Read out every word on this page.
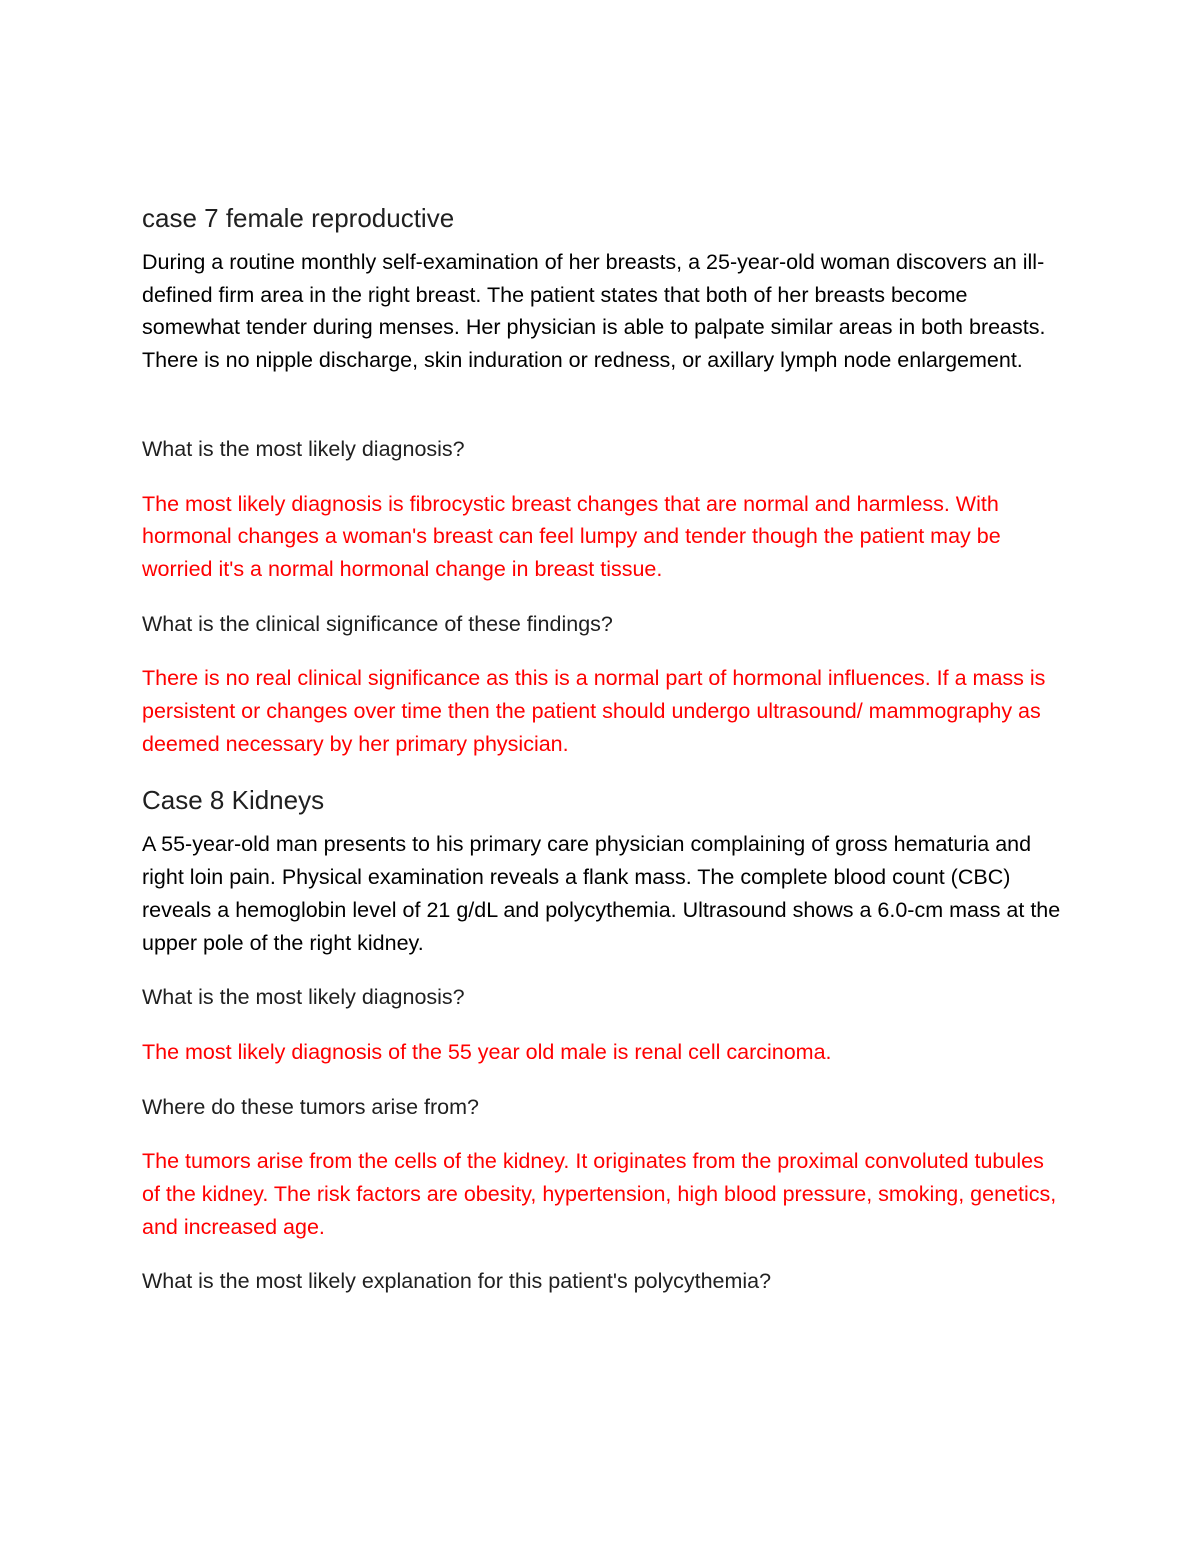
case 7 female reproductive

During a routine monthly self-examination of her breasts, a 25-year-old woman discovers an ill-defined firm area in the right breast. The patient states that both of her breasts become somewhat tender during menses. Her physician is able to palpate similar areas in both breasts. There is no nipple discharge, skin induration or redness, or axillary lymph node enlargement.

What is the most likely diagnosis?

The most likely diagnosis is fibrocystic breast changes that are normal and harmless. With hormonal changes a woman's breast can feel lumpy and tender though the patient may be worried it's a normal hormonal change in breast tissue.

What is the clinical significance of these findings?

There is no real clinical significance as this is a normal part of hormonal influences. If a mass is persistent or changes over time then the patient should undergo ultrasound/ mammography as deemed necessary by her primary physician.

Case 8 Kidneys

A 55-year-old man presents to his primary care physician complaining of gross hematuria and right loin pain. Physical examination reveals a flank mass. The complete blood count (CBC) reveals a hemoglobin level of 21 g/dL and polycythemia. Ultrasound shows a 6.0-cm mass at the upper pole of the right kidney.

What is the most likely diagnosis?

The most likely diagnosis of the 55 year old male is renal cell carcinoma.

Where do these tumors arise from?

The tumors arise from the cells of the kidney. It originates from the proximal convoluted tubules of the kidney. The risk factors are obesity, hypertension, high blood pressure, smoking, genetics, and increased age.

What is the most likely explanation for this patient's polycythemia?
